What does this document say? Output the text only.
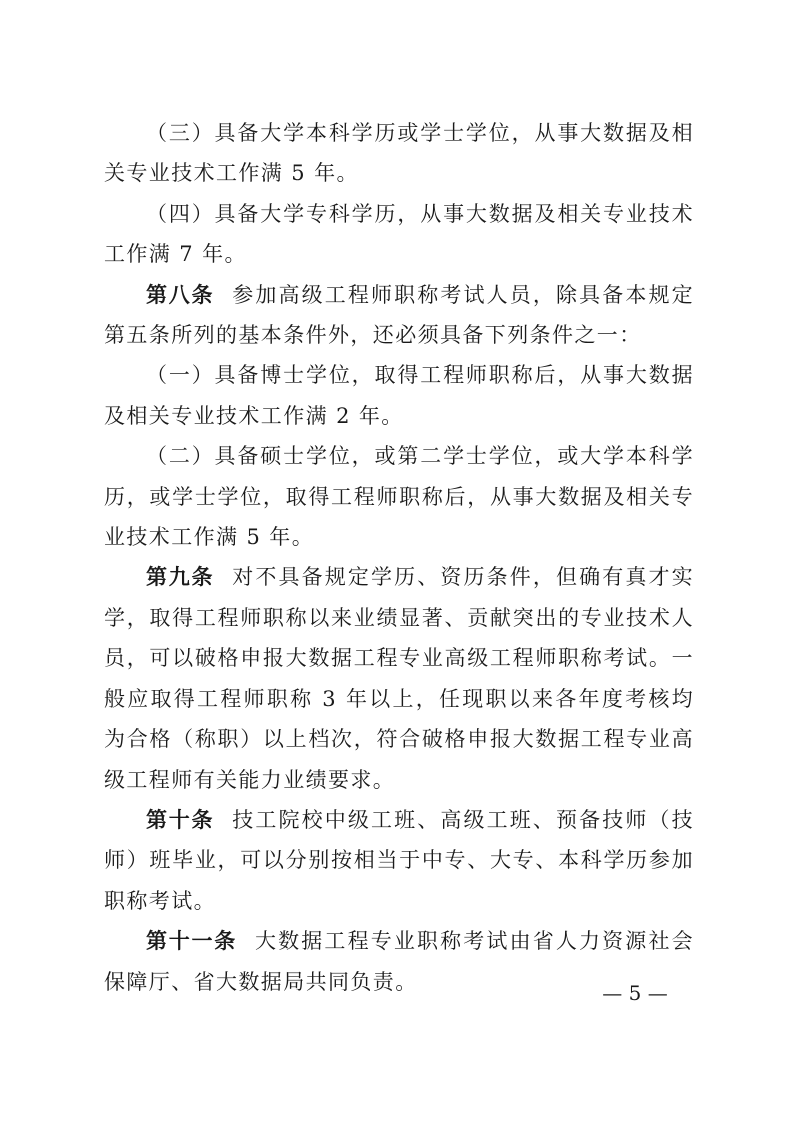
（三）具备大学本科学历或学士学位，从事大数据及相关专业技术工作满 5 年。

（四）具备大学专科学历，从事大数据及相关专业技术工作满 7 年。

第八条 参加高级工程师职称考试人员，除具备本规定第五条所列的基本条件外，还必须具备下列条件之一：

（一）具备博士学位，取得工程师职称后，从事大数据及相关专业技术工作满 2 年。

（二）具备硕士学位，或第二学士学位，或大学本科学历，或学士学位，取得工程师职称后，从事大数据及相关专业技术工作满 5 年。

第九条 对不具备规定学历、资历条件，但确有真才实学，取得工程师职称以来业绩显著、贡献突出的专业技术人员，可以破格申报大数据工程专业高级工程师职称考试。一般应取得工程师职称 3 年以上，任现职以来各年度考核均为合格（称职）以上档次，符合破格申报大数据工程专业高级工程师有关能力业绩要求。

第十条 技工院校中级工班、高级工班、预备技师（技师）班毕业，可以分别按相当于中专、大专、本科学历参加职称考试。

第十一条 大数据工程专业职称考试由省人力资源社会保障厅、省大数据局共同负责。	— 5 —
